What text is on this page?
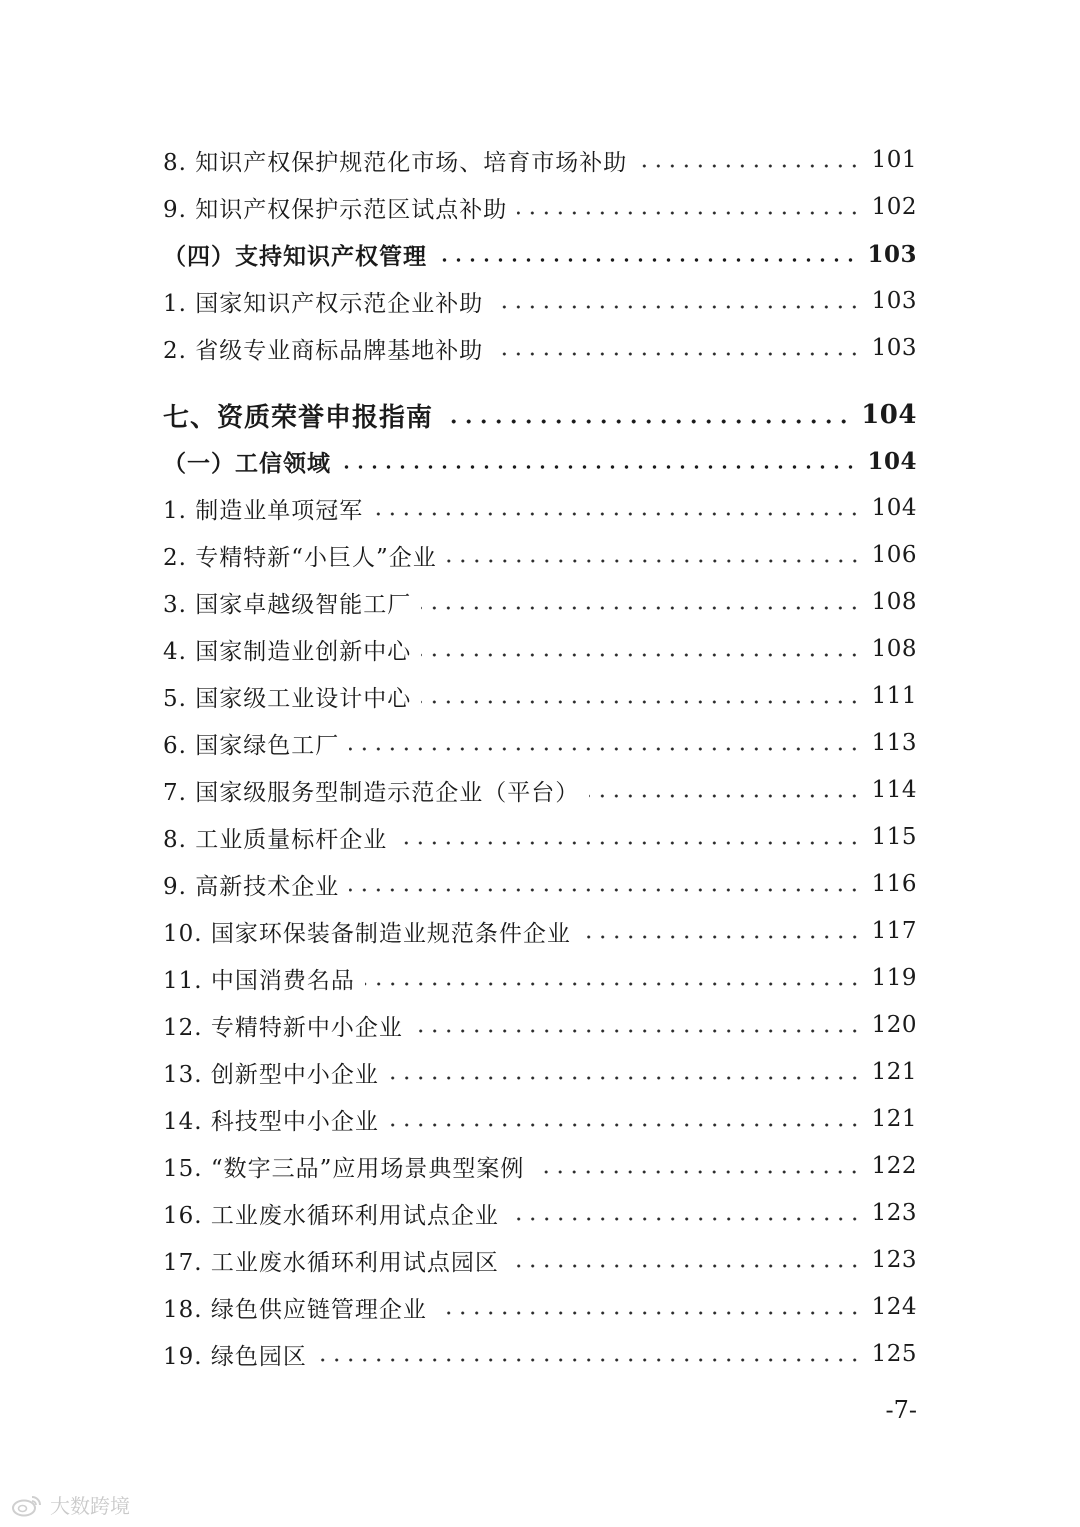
8. 知识产权保护规范化市场、培育市场补助	101
9. 知识产权保护示范区试点补助	102
（四）支持知识产权管理	103
1. 国家知识产权示范企业补助	103
2. 省级专业商标品牌基地补助	103
七、资质荣誉申报指南	104
（一）工信领域	104
1. 制造业单项冠军	104
2. 专精特新“小巨人”企业	106
3. 国家卓越级智能工厂	108
4. 国家制造业创新中心	108
5. 国家级工业设计中心	111
6. 国家绿色工厂	113
7. 国家级服务型制造示范企业（平台）	114
8. 工业质量标杆企业	115
9. 高新技术企业	116
10. 国家环保装备制造业规范条件企业	117
11. 中国消费名品	119
12. 专精特新中小企业	120
13. 创新型中小企业	121
14. 科技型中小企业	121
15. “数字三品”应用场景典型案例	122
16. 工业废水循环利用试点企业	123
17. 工业废水循环利用试点园区	123
18. 绿色供应链管理企业	124
19. 绿色园区	125
-7-
大数跨境
